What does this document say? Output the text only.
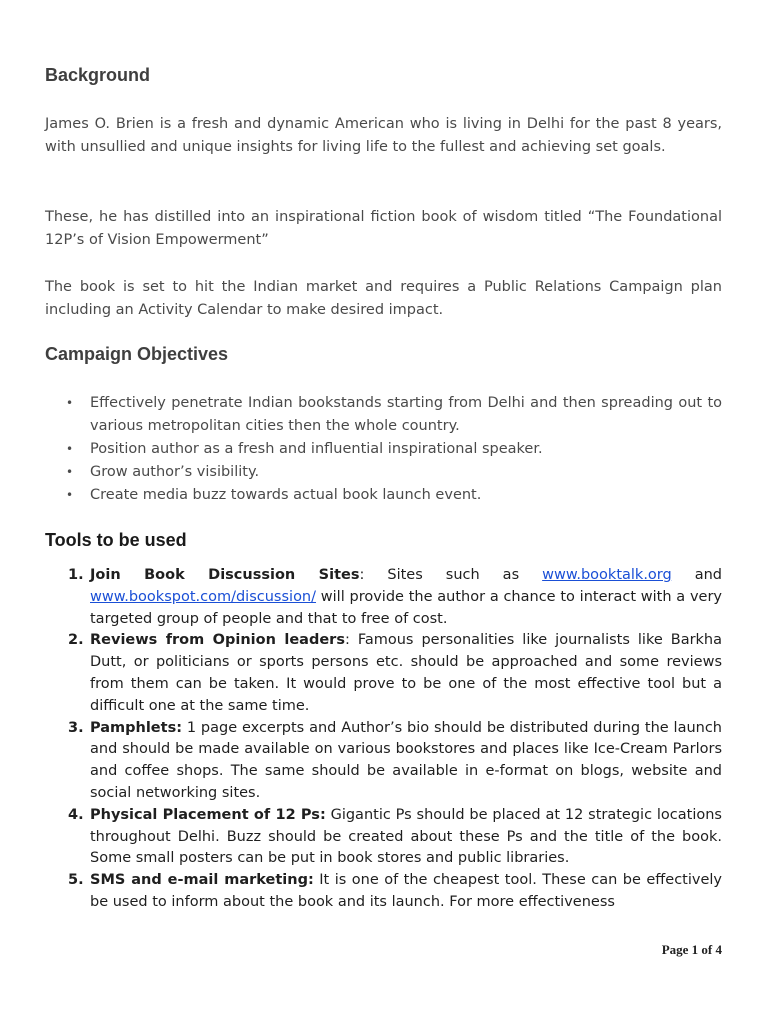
Background

James O. Brien is a fresh and dynamic American who is living in Delhi for the past 8 years, with unsullied and unique insights for living life to the fullest and achieving set goals.

These, he has distilled into an inspirational fiction book of wisdom titled “The Foundational 12P’s of Vision Empowerment”

The book is set to hit the Indian market and requires a Public Relations Campaign plan including an Activity Calendar to make desired impact.

Campaign Objectives
• Effectively penetrate Indian bookstands starting from Delhi and then spreading out to various metropolitan cities then the whole country.
• Position author as a fresh and influential inspirational speaker.
• Grow author’s visibility.
• Create media buzz towards actual book launch event.
Tools to be used
1. Join Book Discussion Sites: Sites such as www.booktalk.org and www.bookspot.com/discussion/ will provide the author a chance to interact with a very targeted group of people and that to free of cost.
2. Reviews from Opinion leaders: Famous personalities like journalists like Barkha Dutt, or politicians or sports persons etc. should be approached and some reviews from them can be taken. It would prove to be one of the most effective tool but a difficult one at the same time.
3. Pamphlets: 1 page excerpts and Author’s bio should be distributed during the launch and should be made available on various bookstores and places like Ice-Cream Parlors and coffee shops. The same should be available in e-format on blogs, website and social networking sites.
4. Physical Placement of 12 Ps: Gigantic Ps should be placed at 12 strategic locations throughout Delhi. Buzz should be created about these Ps and the title of the book. Some small posters can be put in book stores and public libraries.
5. SMS and e-mail marketing: It is one of the cheapest tool. These can be effectively be used to inform about the book and its launch. For more effectiveness
Page 1 of 4
